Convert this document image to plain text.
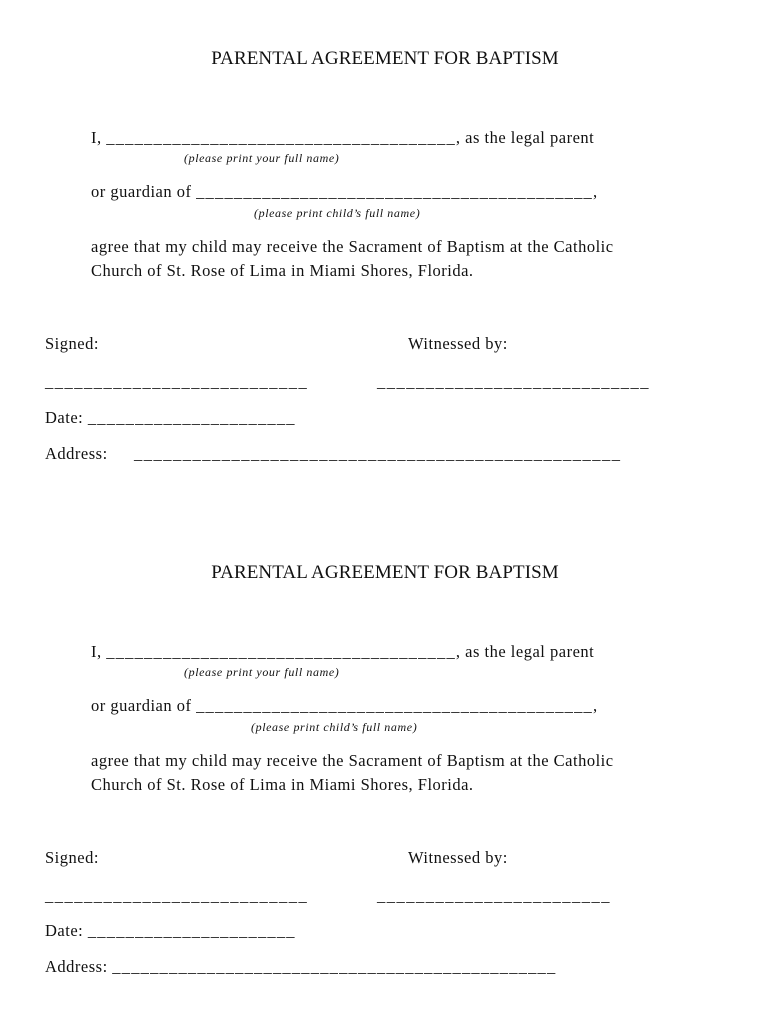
PARENTAL AGREEMENT FOR BAPTISM
I, _____________________________________, as the legal parent
(please print your full name)
or guardian of __________________________________________,
(please print child’s full name)
agree that my child may receive the Sacrament of Baptism at the Catholic
Church of St. Rose of Lima in Miami Shores, Florida.
Signed:	Witnessed by:
___________________________	____________________________
Date: ______________________
Address: __________________________________________________
PARENTAL AGREEMENT FOR BAPTISM
I, _____________________________________, as the legal parent
(please print your full name)
or guardian of __________________________________________,
(please print child’s full name)
agree that my child may receive the Sacrament of Baptism at the Catholic
Church of St. Rose of Lima in Miami Shores, Florida.
Signed:	Witnessed by:
___________________________	________________________
Date: ______________________
Address: _______________________________________________
